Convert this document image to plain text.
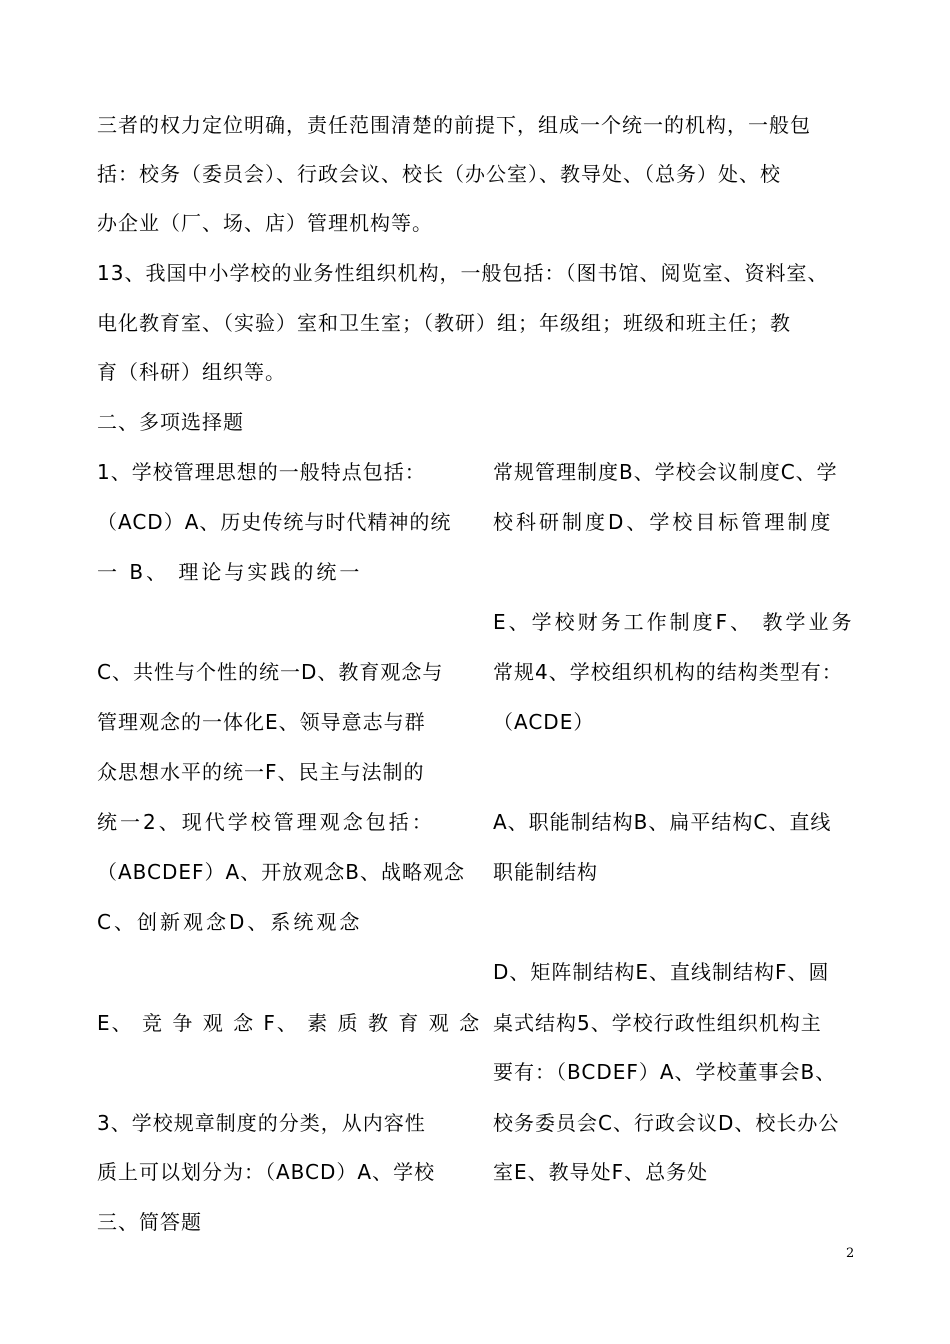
三者的权力定位明确，责任范围清楚的前提下，组成一个统一的机构，一般包
括：校务（委员会）、行政会议、校长（办公室）、教导处、（总务）处、校
办企业（厂、场、店）管理机构等。
13、我国中小学校的业务性组织机构，一般包括：（图书馆、阅览室、资料室、
电化教育室、（实验）室和卫生室；（教研）组；年级组；班级和班主任；教
育（科研）组织等。
二、多项选择题
1、学校管理思想的一般特点包括：
（ACD）A、历史传统与时代精神的统
一 B、 理论与实践的统一
C、共性与个性的统一D、教育观念与
管理观念的一体化E、领导意志与群
众思想水平的统一F、民主与法制的
统一2、现代学校管理观念包括：
（ABCDEF）A、开放观念B、战略观念
C、创新观念D、系统观念
E、 竞 争 观 念 F、 素 质 教 育 观 念
3、学校规章制度的分类，从内容性
质上可以划分为：（ABCD）A、学校
常规管理制度B、学校会议制度C、学
校科研制度D、学校目标管理制度
E、学校财务工作制度F、 教学业务
常规4、学校组织机构的结构类型有：
（ACDE）
A、职能制结构B、扁平结构C、直线
职能制结构
D、矩阵制结构E、直线制结构F、圆
桌式结构5、学校行政性组织机构主
要有：（BCDEF）A、学校董事会B、
校务委员会C、行政会议D、校长办公
室E、教导处F、总务处
三、简答题
2
